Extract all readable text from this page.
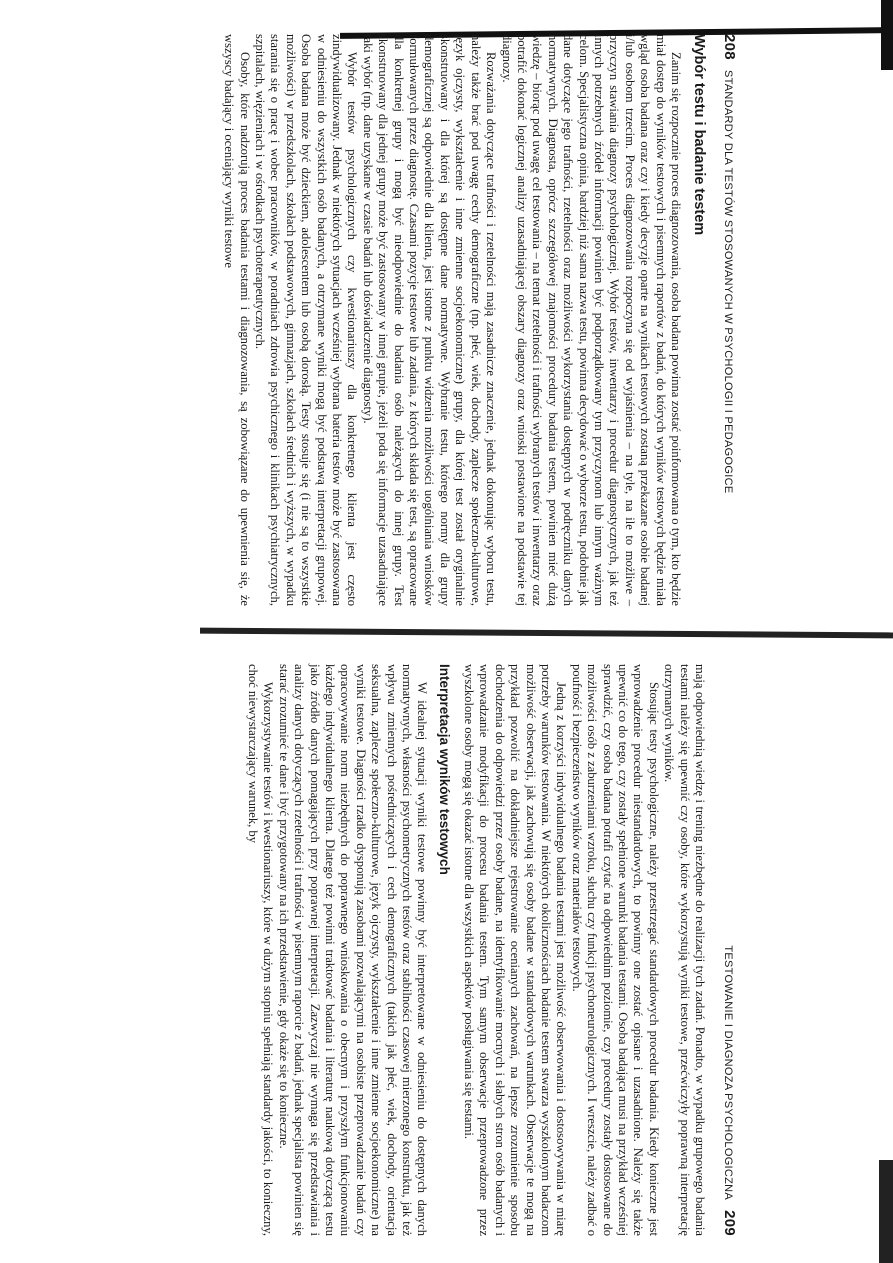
208
STANDARDY DLA TESTÓW STOSOWANYCH W PSYCHOLOGII I PEDAGOGICE
Wybór testu i badanie testem

Zanim się rozpocznie proces diagnozowania, osoba badana powinna zostać poinformowana o tym, kto będzie miał dostęp do wyników testowych i pisemnych raportów z badań, do których wyników testowych będzie miała wgląd osoba badana oraz czy i kiedy decyzje oparte na wynikach testowych zostaną przekazane osobie badanej i/lub osobom trzecim. Proces diagnozowania rozpoczyna się od wyjaśnienia – na tyle, na ile to możliwe – przyczyn stawiania diagnozy psychologicznej. Wybór testów, inwentarzy i procedur diagnostycznych, jak też innych potrzebnych źródeł informacji powinien być podporządkowany tym przyczynom lub innym ważnym celom. Specjalistyczna opinia, bardziej niż sama nazwa testu, powinna decydować o wyborze testu, podobnie jak dane dotyczące jego trafności, rzetelności oraz możliwości wykorzystania dostępnych w podręczniku danych normatywnych. Diagnosta, oprócz szczegółowej znajomości procedury badania testem, powinien mieć dużą wiedzę – biorąc pod uwagę cel testowania – na temat rzetelności i trafności wybranych testów i inwentarzy oraz potrafić dokonać logicznej analizy uzasadniającej obszary diagnozy oraz wnioski postawione na podstawie tej diagnozy.

Rozważania dotyczące trafności i rzetelności mają zasadnicze znaczenie, jednak dokonując wyboru testu, należy także brać pod uwagę cechy demograficzne (np. płeć, wiek, dochody, zaplecze społeczno-kulturowe, język ojczysty, wykształcenie i inne zmienne socjoekonomiczne) grupy, dla której test został oryginalnie skonstruowany i dla której są dostępne dane normatywne. Wybranie testu, którego normy dla grupy demograficznej są odpowiednie dla klienta, jest istotne z punktu widzenia możliwości uogólniania wniosków formułowanych przez diagnostę. Czasami pozycje testowe lub zadania, z których składa się test, są opracowane dla konkretnej grupy i mogą być nieodpowiednie do badania osób należących do innej grupy. Test skonstruowany dla jednej grupy może być zastosowany w innej grupie, jeżeli poda się informacje uzasadniające taki wybór (np. dane uzyskane w czasie badań lub doświadczenie diagnosty).

Wybór testów psychologicznych czy kwestionariuszy dla konkretnego klienta jest często zindywidualizowany. Jednak w niektórych sytuacjach wcześniej wybrana bateria testów może być zastosowana w odniesieniu do wszystkich osób badanych, a otrzymane wyniki mogą być podstawą interpretacji grupowej. Osoba badana może być dzieckiem, adolescentem lub osobą dorosłą. Testy stosuje się (i nie są to wszystkie możliwości) w przedszkolach, szkołach podstawowych, gimnazjach, szkołach średnich i wyższych, w wypadku starania się o pracę i wobec pracowników, w poradniach zdrowia psychicznego i klinikach psychiatrycznych, szpitalach, więzieniach i w ośrodkach psychoterapeutycznych.

Osoby, które nadzorują proces badania testami i diagnozowania, są zobowiązane do upewnienia się, że wszyscy badający i oceniający wyniki testowe

TESTOWANIE I DIAGNOZA PSYCHOLOGICZNA
209

mają odpowiednią wiedzę i trening niezbędne do realizacji tych zadań. Ponadto, w wypadku grupowego badania testami należy się upewnić czy osoby, które wykorzystują wyniki testowe, przećwiczyły poprawną interpretację otrzymanych wyników.

Stosując testy psychologiczne, należy przestrzegać standardowych procedur badania. Kiedy konieczne jest wprowadzenie procedur niestandardowych, to powinny one zostać opisane i uzasadnione. Należy się także upewnić co do tego, czy zostały spełnione warunki badania testami. Osoba badająca musi na przykład wcześniej sprawdzić, czy osoba badana potrafi czytać na odpowiednim poziomie, czy procedury zostały dostosowane do możliwości osób z zaburzeniami wzroku, słuchu czy funkcji psychoneurologicznych. I wreszcie, należy zadbać o poufność i bezpieczeństwo wyników oraz materiałów testowych.

Jedną z korzyści indywidualnego badania testami jest możliwość obserwowania i dostosowywania w miarę potrzeby warunków testowania. W niektórych okolicznościach badanie testem stwarza wyszkolonym badaczom możliwość obserwacji, jak zachowują się osoby badane w standardowych warunkach. Obserwacje te mogą na przykład pozwolić na dokładniejsze rejestrowanie ocenianych zachowań, na lepsze zrozumienie sposobu dochodzenia do odpowiedzi przez osoby badane, na identyfikowanie mocnych i słabych stron osób badanych i wprowadzanie modyfikacji do procesu badania testem. Tym samym obserwacje przeprowadzone przez wyszkolone osoby mogą się okazać istotne dla wszystkich aspektów posługiwania się testami.

Interpretacja wyników testowych

W idealnej sytuacji wyniki testowe powinny być interpretowane w odniesieniu do dostępnych danych normatywnych, własności psychometrycznych testów oraz stabilności czasowej mierzonego konstruktu, jak też wpływu zmiennych pośredniczących i cech demograficznych (takich jak płeć, wiek, dochody, orientacja seksualna, zaplecze społeczno-kulturowe, język ojczysty, wykształcenie i inne zmienne socjoekonomiczne) na wyniki testowe. Diagności rzadko dysponują zasobami pozwalającymi na osobiste przeprowadzanie badań czy opracowywanie norm niezbędnych do poprawnego wnioskowania o obecnym i przyszłym funkcjonowaniu każdego indywidualnego klienta. Dlatego też powinni traktować badania i literaturę naukową dotyczącą testu jako źródło danych pomagających przy poprawnej interpretacji. Zazwyczaj nie wymaga się przedstawiania i analizy danych dotyczących rzetelności i trafności w pisemnym raporcie z badań, jednak specjalista powinien się starać zrozumieć te dane i być przygotowany na ich przedstawienie, gdy okaże się to konieczne.

Wykorzystywanie testów i kwestionariuszy, które w dużym stopniu spełniają standardy jakości, to konieczny, choć niewystarczający warunek, by
